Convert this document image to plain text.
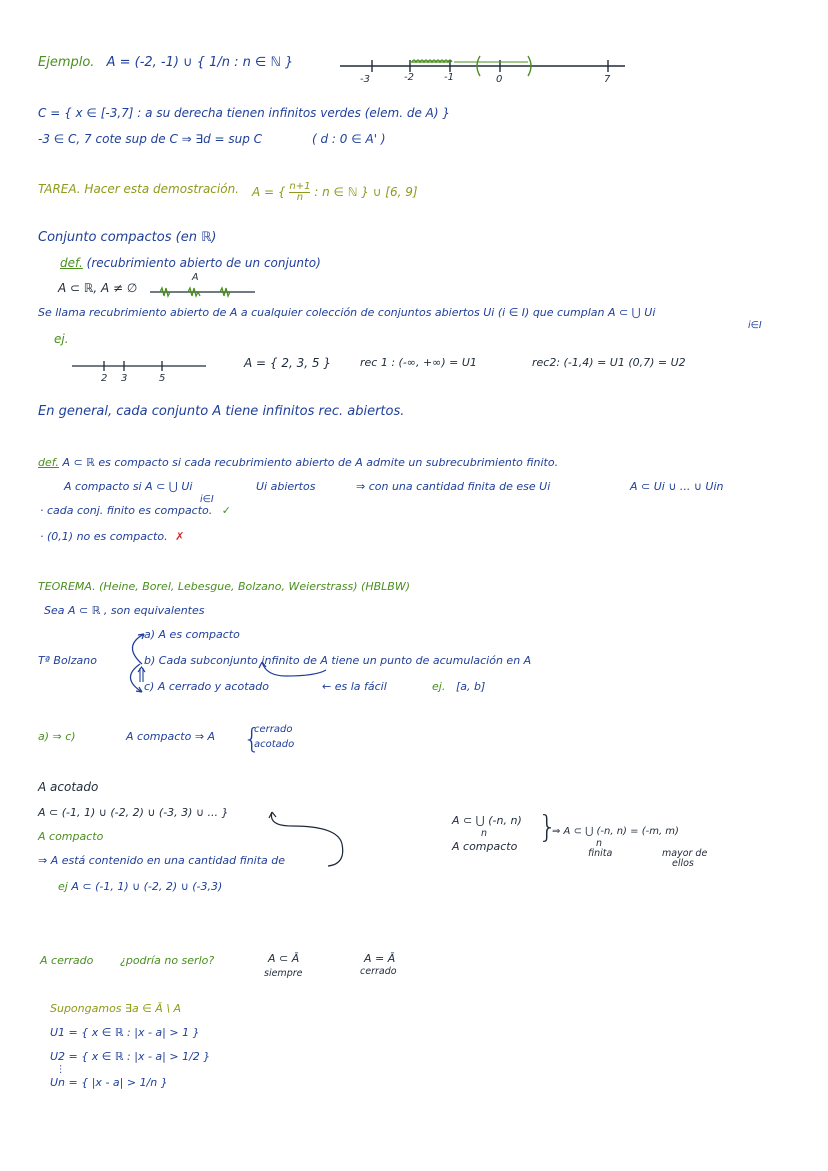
Ejemplo. A = (-2, -1) ∪ { 1/n : n ∈ ℕ }
-3	-2	-1	0	7
C = { x ∈ [-3,7] : a su derecha tienen infinitos verdes (elem. de A) }
-3 ∈ C, 7 cote sup de C ⇒ ∃d = sup C	( d : 0 ∈ A' )
TAREA. Hacer esta demostración. A = { $\frac{n+1}{n}$ : n ∈ ℕ } ∪ [6, 9]
Conjunto compactos (en ℝ)
def. (recubrimiento abierto de un conjunto)
A
A ⊂ ℝ, A ≠ ∅
Se llama recubrimiento abierto de A a cualquier colección de conjuntos abiertos Ui (i ∈ I) que cumplan A ⊂ ⋃ Ui
i∈I
ej.
2 3	5
A = { 2, 3, 5 }	rec 1 : (-∞, +∞) = U1	rec2: (-1,4) = U1 (0,7) = U2
En general, cada conjunto A tiene infinitos rec. abiertos.
def. A ⊂ ℝ es compacto si cada recubrimiento abierto de A admite un subrecubrimiento finito.
A compacto si A ⊂ ⋃ Ui
i∈I
Ui abiertos	⇒ con una cantidad finita de ese Ui	A ⊂ Ui ∪ ... ∪ Uin
· cada conj. finito es compacto. ✓
· (0,1) no es compacto. ✗
TEOREMA. (Heine, Borel, Lebesgue, Bolzano, Weierstrass) (HBLBW)
Sea A ⊂ ℝ , son equivalentes
Tª Bolzano
a) A es compacto
b) Cada subconjunto infinito de A tiene un punto de acumulación en A
c) A cerrado y acotado	← es la fácil	ej. [a, b]
a) ⇒ c)	A compacto ⇒ A {
cerrado
acotado
A acotado
A ⊂ (-1, 1) ∪ (-2, 2) ∪ (-3, 3) ∪ ... }
A compacto
⇒ A está contenido en una cantidad finita de
ej A ⊂ (-1, 1) ∪ (-2, 2) ∪ (-3,3)
A ⊂ ⋃ (-n, n)
n
A compacto
}
⇒ A ⊂ ⋃ (-n, n) = (-m, m)
n
finita	mayor de
ellos
A cerrado ¿podría no serlo?	A ⊂ Ā
siempre
A = Ā
cerrado
Supongamos ∃a ∈ Ā \ A
U1 = { x ∈ ℝ : |x - a| > 1 }
U2 = { x ∈ ℝ : |x - a| > 1/2 }
⋮
Un = { |x - a| > 1/n }
